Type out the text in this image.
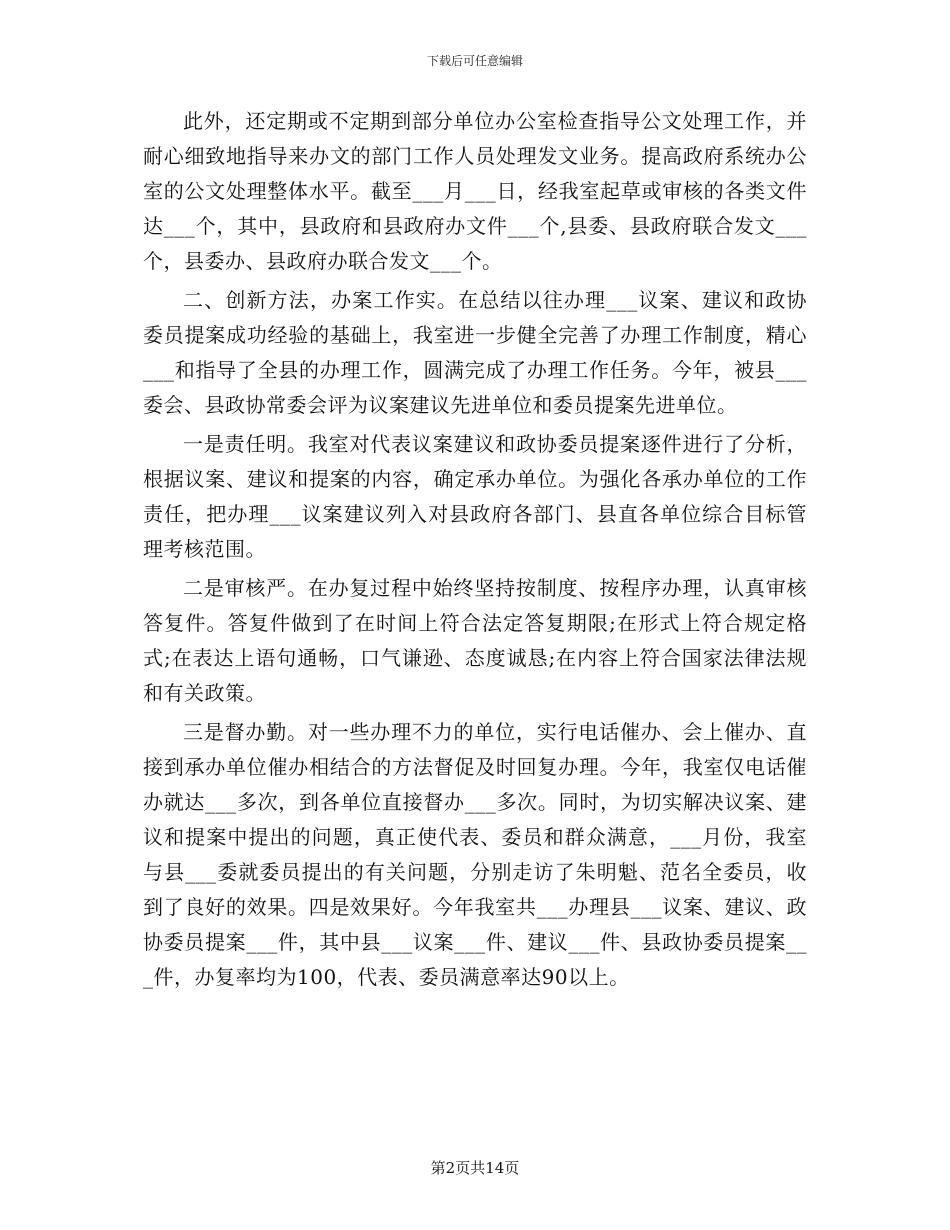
下载后可任意编辑

此外，还定期或不定期到部分单位办公室检查指导公文处理工作，并耐心细致地指导来办文的部门工作人员处理发文业务。提高政府系统办公室的公文处理整体水平。截至___月___日，经我室起草或审核的各类文件达___个，其中，县政府和县政府办文件___个,县委、县政府联合发文___个，县委办、县政府办联合发文___个。

二、创新方法，办案工作实。在总结以往办理___议案、建议和政协委员提案成功经验的基础上，我室进一步健全完善了办理工作制度，精心___和指导了全县的办理工作，圆满完成了办理工作任务。今年，被县___委会、县政协常委会评为议案建议先进单位和委员提案先进单位。

一是责任明。我室对代表议案建议和政协委员提案逐件进行了分析，根据议案、建议和提案的内容，确定承办单位。为强化各承办单位的工作责任，把办理___议案建议列入对县政府各部门、县直各单位综合目标管理考核范围。

二是审核严。在办复过程中始终坚持按制度、按程序办理，认真审核答复件。答复件做到了在时间上符合法定答复期限;在形式上符合规定格式;在表达上语句通畅，口气谦逊、态度诚恳;在内容上符合国家法律法规和有关政策。

三是督办勤。对一些办理不力的单位，实行电话催办、会上催办、直接到承办单位催办相结合的方法督促及时回复办理。今年，我室仅电话催办就达___多次，到各单位直接督办___多次。同时，为切实解决议案、建议和提案中提出的问题，真正使代表、委员和群众满意，___月份，我室与县___委就委员提出的有关问题，分别走访了朱明魁、范名全委员，收到了良好的效果。四是效果好。今年我室共___办理县___议案、建议、政协委员提案___件，其中县___议案___件、建议___件、县政协委员提案___件，办复率均为100，代表、委员满意率达90以上。

第2页共14页
